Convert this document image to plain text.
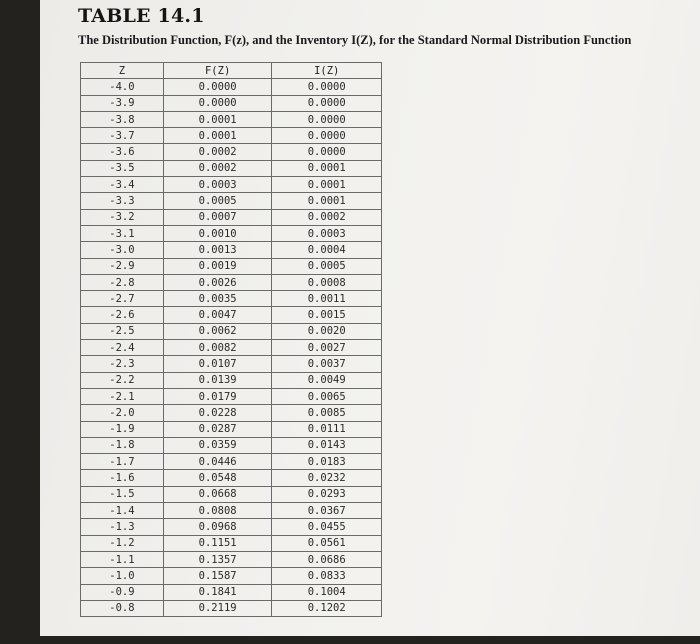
TABLE 14.1

The Distribution Function, F(z), and the Inventory I(Z), for the Standard Normal Distribution Function

Z	F(Z)	I(Z)
-4.0	0.0000	0.0000
-3.9	0.0000	0.0000
-3.8	0.0001	0.0000
-3.7	0.0001	0.0000
-3.6	0.0002	0.0000
-3.5	0.0002	0.0001
-3.4	0.0003	0.0001
-3.3	0.0005	0.0001
-3.2	0.0007	0.0002
-3.1	0.0010	0.0003
-3.0	0.0013	0.0004
-2.9	0.0019	0.0005
-2.8	0.0026	0.0008
-2.7	0.0035	0.0011
-2.6	0.0047	0.0015
-2.5	0.0062	0.0020
-2.4	0.0082	0.0027
-2.3	0.0107	0.0037
-2.2	0.0139	0.0049
-2.1	0.0179	0.0065
-2.0	0.0228	0.0085
-1.9	0.0287	0.0111
-1.8	0.0359	0.0143
-1.7	0.0446	0.0183
-1.6	0.0548	0.0232
-1.5	0.0668	0.0293
-1.4	0.0808	0.0367
-1.3	0.0968	0.0455
-1.2	0.1151	0.0561
-1.1	0.1357	0.0686
-1.0	0.1587	0.0833
-0.9	0.1841	0.1004
-0.8	0.2119	0.1202
